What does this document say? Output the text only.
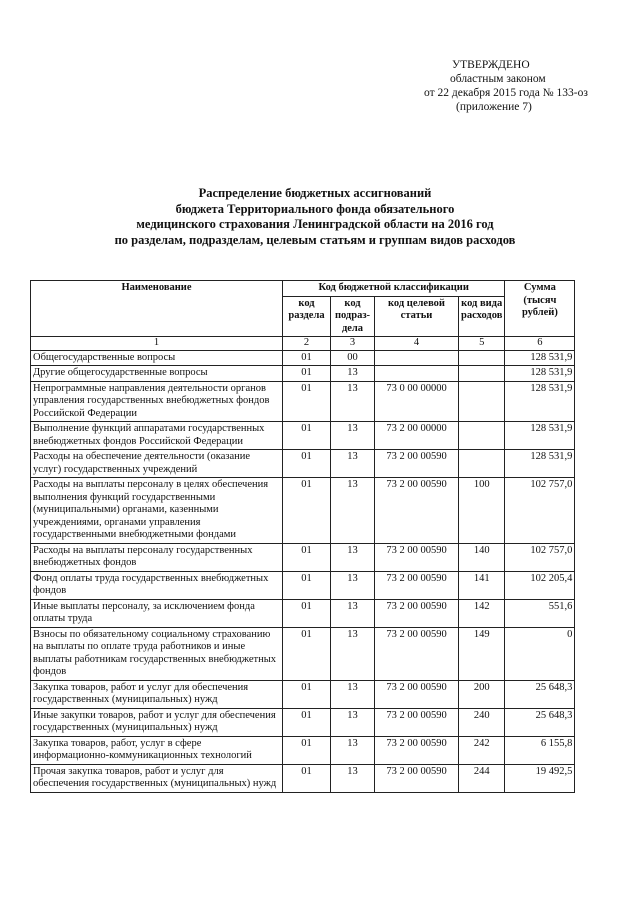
УТВЕРЖДЕНО
областным законом
от 22 декабря 2015 года № 133-оз
(приложение 7)
Распределение бюджетных ассигнований
бюджета Территориального фонда обязательного
медицинского страхования Ленинградской области на 2016 год
по разделам, подразделам, целевым статьям и группам видов расходов
Наименование	Код бюджетной классификации				Сумма (тысяч рублей)
	код раздела	код подраз-дела	код целевой статьи	код вида расходов	
1	2	3	4	5	6
Общегосударственные вопросы	01	00			128 531,9
Другие общегосударственные вопросы	01	13			128 531,9
Непрограммные направления деятельности органов управления государственных внебюджетных фондов Российской Федерации	01	13	73 0 00 00000		128 531,9
Выполнение функций аппаратами государственных внебюджетных фондов Российской Федерации	01	13	73 2 00 00000		128 531,9
Расходы на обеспечение деятельности (оказание услуг) государственных учреждений	01	13	73 2 00 00590		128 531,9
Расходы на выплаты персоналу в целях обеспечения выполнения функций государственными (муниципальными) органами, казенными учреждениями, органами управления государственными внебюджетными фондами	01	13	73 2 00 00590	100	102 757,0
Расходы на выплаты персоналу государственных внебюджетных фондов	01	13	73 2 00 00590	140	102 757,0
Фонд оплаты труда государственных внебюджетных фондов	01	13	73 2 00 00590	141	102 205,4
Иные выплаты персоналу, за исключением фонда оплаты труда	01	13	73 2 00 00590	142	551,6
Взносы по обязательному социальному страхованию на выплаты по оплате труда работников и иные выплаты работникам государственных внебюджетных фондов	01	13	73 2 00 00590	149	0
Закупка товаров, работ и услуг для обеспечения государственных (муниципальных) нужд	01	13	73 2 00 00590	200	25 648,3
Иные закупки товаров, работ и услуг для обеспечения государственных (муниципальных) нужд	01	13	73 2 00 00590	240	25 648,3
Закупка товаров, работ, услуг в сфере информационно-коммуникационных технологий	01	13	73 2 00 00590	242	6 155,8
Прочая закупка товаров, работ и услуг для обеспечения государственных (муниципальных) нужд	01	13	73 2 00 00590	244	19 492,5
